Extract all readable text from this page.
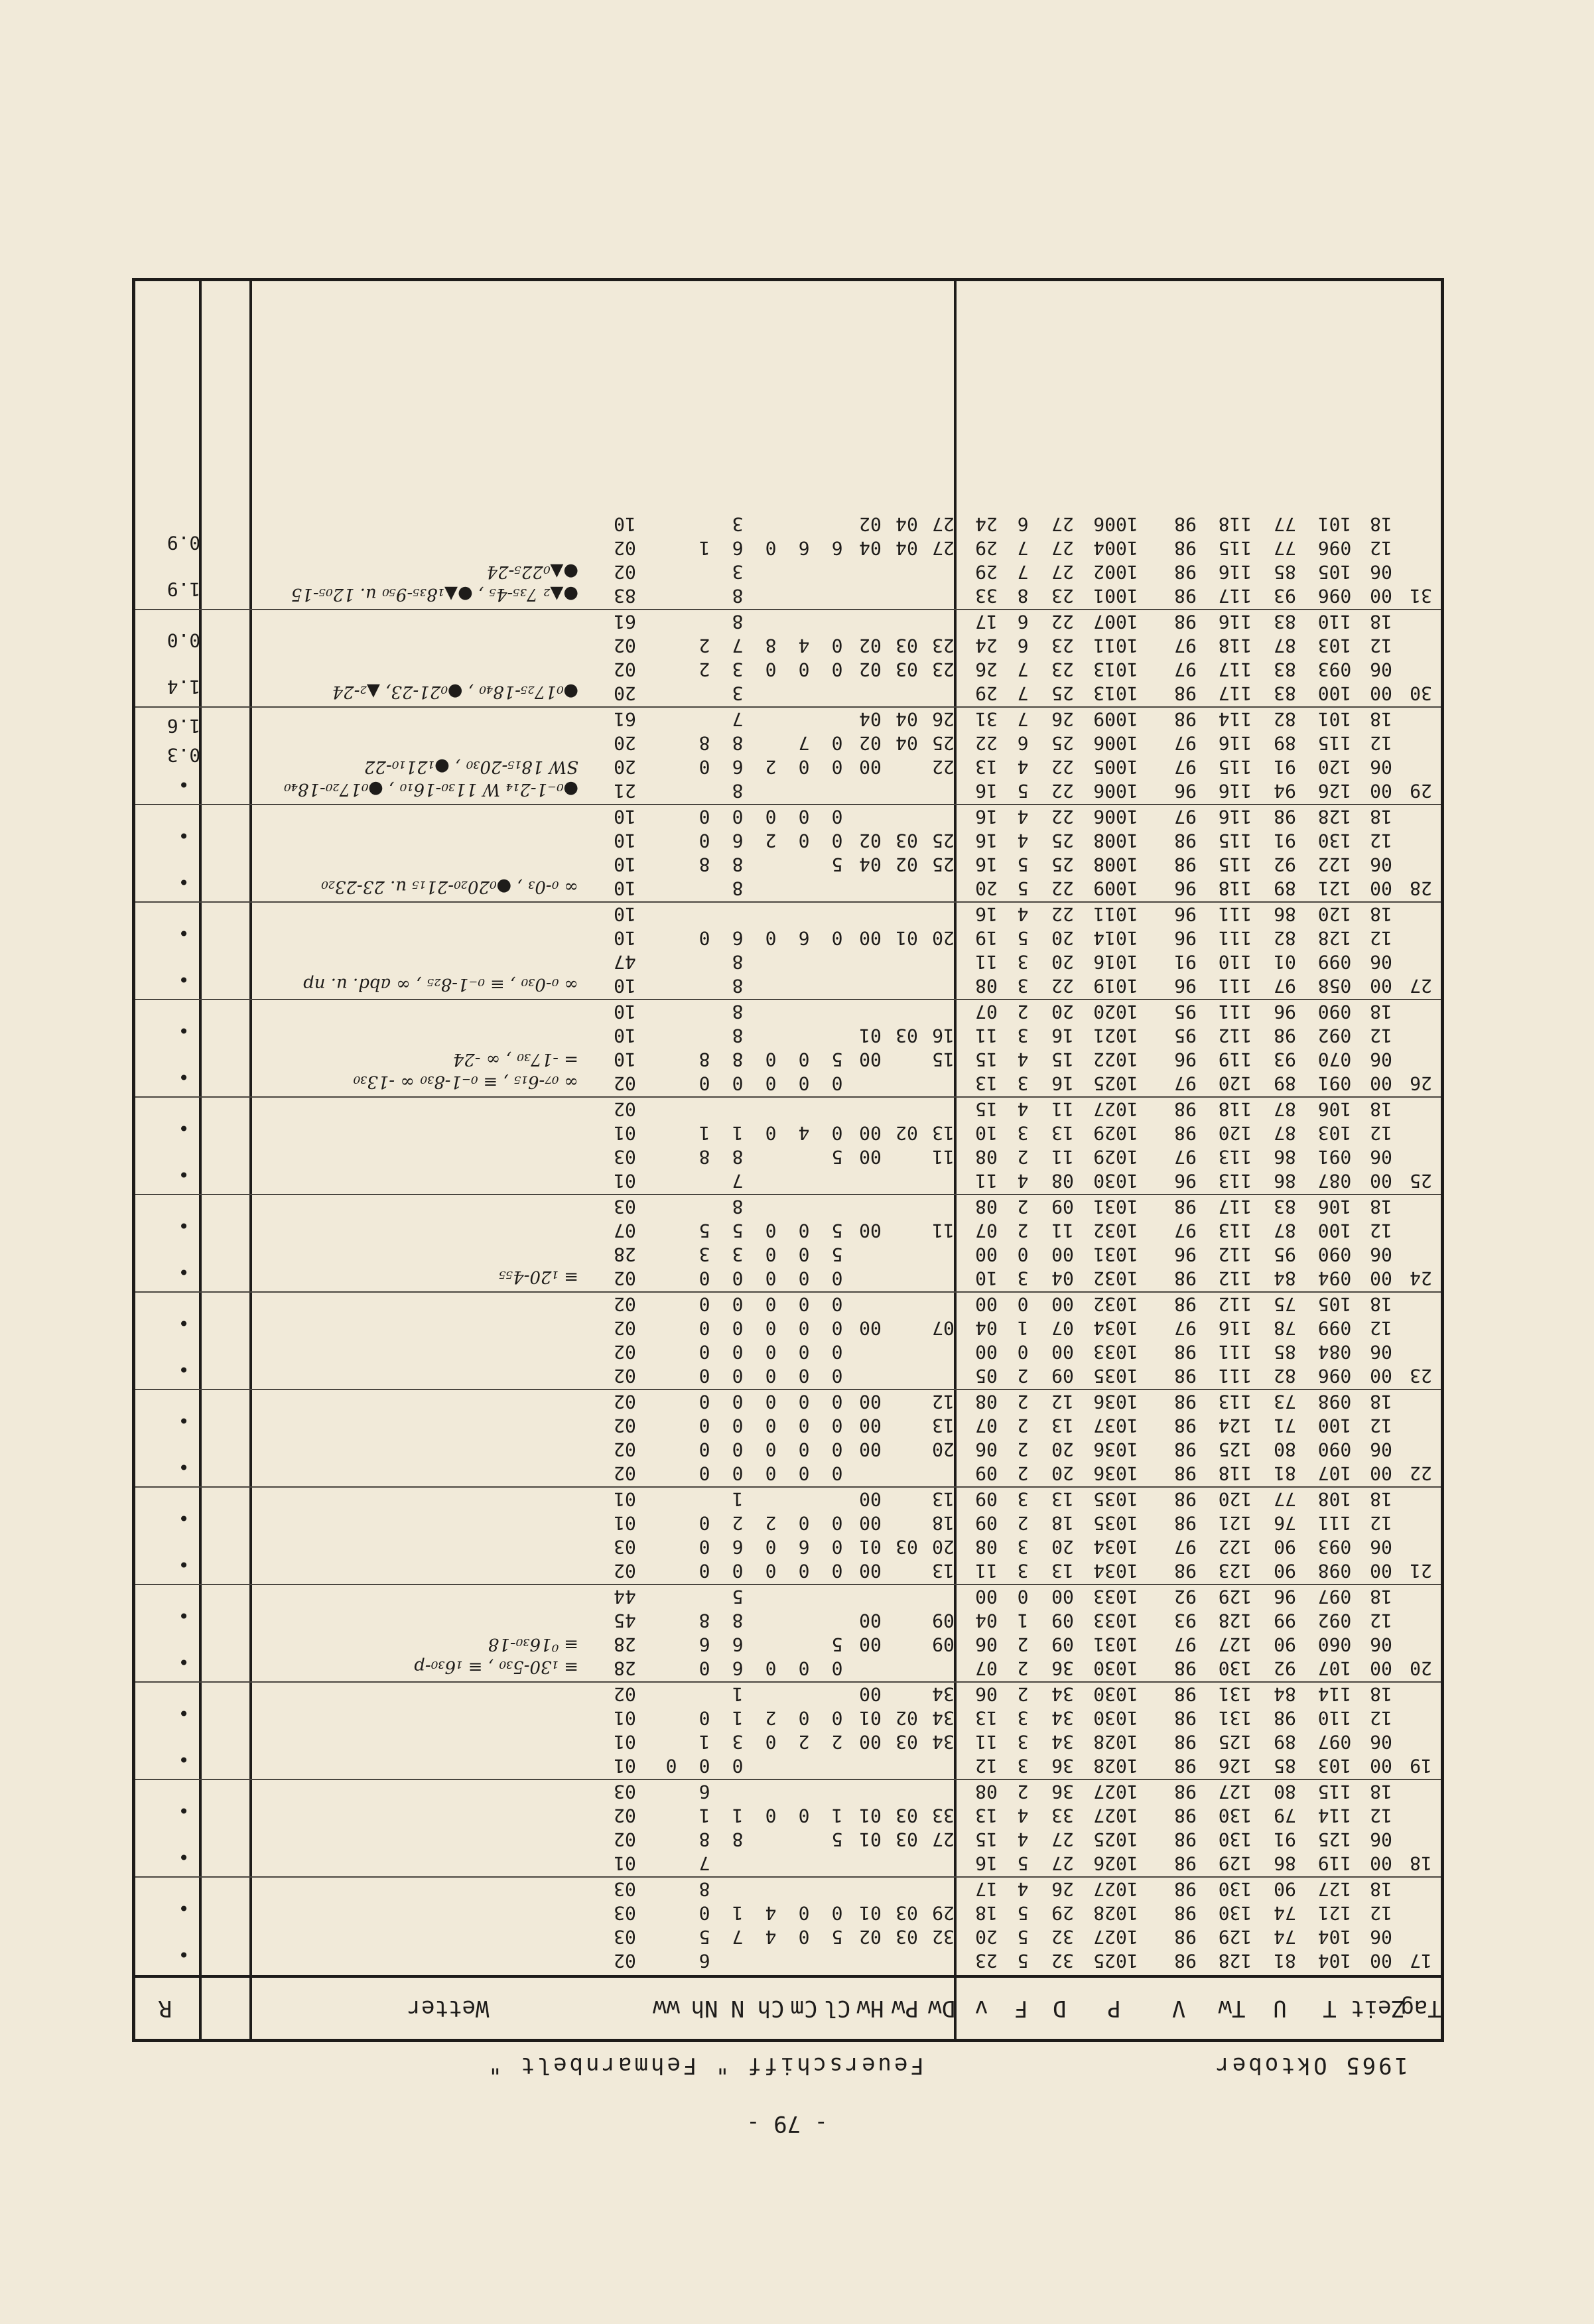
- 79 -
1965 Oktober
Feuerschiff " Fehmarnbelt "
Tag
Zeit
T
U
Tw
V
P
D
F
v
Dw
Pw
Hw
Cl
Cm
Ch
N
Nh
ww
Wetter
R
17
00
104
81
128
98
1025
32
5
23
6
02
06
104
74
129
98
1027
32
5
20
32
03
02
5
0
4
7
5
03
12
121
74
130
98
1028
29
5
18
29
03
01
0
0
4
1
0
03
18
127
90
130
98
1027
26
4
17
8
03
•
•
18
00
119
86
129
98
1026
27
5
16
7
01
06
125
91
130
98
1025
27
4
15
27
03
01
5
8
8
02
12
114
79
130
98
1027
33
4
13
33
03
01
1
0
0
1
1
02
18
115
80
127
98
1027
36
2
08
6
03
•
•
19
00
103
85
126
98
1028
36
3
12
0
0
0
01
06
097
89
125
98
1028
34
3
11
34
03
00
2
2
0
3
1
01
12
110
98
131
98
1030
34
3
13
34
02
01
0
0
2
1
0
01
18
114
84
131
98
1030
34
2
06
34
00
1
02
•
•
20
00
107
92
130
98
1030
36
2
07
0
0
0
6
0
28
06
060
90
127
97
1031
09
2
06
09
00
5
6
6
28
12
092
99
128
93
1033
09
1
04
09
00
8
8
45
18
097
96
129
92
1033
00
0
00
5
44
≡ ₁30-5₃₀ , ≡ ₁6₃₀-p
≡ ⁰16₃₀-18
•
•
21
00
098
90
123
98
1034
13
3
11
13
00
0
0
0
0
0
02
06
093
90
122
97
1034
20
3
08
20
03
01
0
6
0
6
0
03
12
111
76
121
98
1035
18
2
09
18
00
0
0
2
2
0
01
18
108
77
120
98
1035
13
3
09
13
00
1
01
•
•
22
00
107
81
118
98
1036
20
2
09
0
0
0
0
0
02
06
090
80
125
98
1036
20
2
06
20
00
0
0
0
0
0
02
12
100
71
124
98
1037
13
2
07
13
00
0
0
0
0
0
02
18
098
73
113
98
1036
12
2
08
12
00
0
0
0
0
0
02
•
•
23
00
096
82
111
98
1035
09
2
05
0
0
0
0
0
02
06
084
85
111
98
1033
00
0
00
0
0
0
0
0
02
12
099
78
116
97
1034
07
1
04
07
00
0
0
0
0
0
02
18
105
75
112
98
1032
00
0
00
0
0
0
0
0
02
•
•
24
00
094
84
112
98
1032
04
3
10
0
0
0
0
0
02
06
090
95
112
96
1031
00
0
00
5
0
0
3
3
28
12
100
87
113
97
1032
11
2
07
11
00
5
0
0
5
5
07
18
106
83
117
98
1031
09
2
08
8
03
≡ ₁20-4₅₅
•
•
25
00
087
86
113
96
1030
08
4
11
7
01
06
091
86
113
97
1029
11
2
08
11
00
5
8
8
03
12
103
87
120
98
1029
13
3
10
13
02
00
0
4
0
1
1
01
18
106
87
118
98
1027
11
4
15
02
•
•
26
00
091
89
120
97
1025
16
3
13
0
0
0
0
0
02
06
070
93
119
96
1022
15
4
15
15
00
5
0
0
8
8
10
12
092
98
112
95
1021
16
3
11
16
03
01
8
10
18
090
96
111
95
1020
20
2
07
8
10
∞ ₀₇-6₁₅ , ≡ ₀₋1-8₃₀ ∞ -13₃₀
= -17₃₀ , ∞ -24
•
•
27
00
058
97
111
96
1019
22
3
08
8
10
06
099
01
110
91
1016
20
3
11
8
47
12
128
82
111
96
1014
20
5
19
20
01
00
0
6
0
6
0
10
18
120
86
111
96
1011
22
4
16
10
∞ ₀-0₃₀ , ≡ ₀₋1-8₂₅ , ∞ abd. u. np
•
•
28
00
121
89
118
96
1009
22
5
20
8
10
06
122
92
115
98
1008
25
5
16
25
02
04
5
8
8
10
12
130
91
115
98
1008
25
4
16
25
03
02
0
0
2
6
0
10
18
128
98
116
97
1006
22
4
16
0
0
0
0
0
10
∞ ₀-0₃ , ●₀20₂₀-21₁₅ u. 23-23₂₀
•
•
29
00
126
94
116
96
1006
22
5
16
8
21
06
120
91
115
97
1005
22
4
13
22
00
0
0
2
6
0
20
12
115
89
116
97
1006
25
6
22
25
04
02
0
7
8
8
20
18
101
82
114
98
1009
26
7
31
26
04
04
7
61
●₀₋1-2₁₄ W 11₃₀-16₁₀ , ●₀17₂₀-18₄₀
SW 18₁₅-20₃₀ , ●₁21₁₀-22
•
0.3
1.6
30
00
100
83
117
98
1013
25
7
29
3
20
06
093
83
117
97
1013
23
7
26
23
03
02
0
0
0
3
2
02
12
103
87
118
97
1011
23
6
24
23
03
02
0
4
8
7
2
02
18
110
83
116
98
1007
22
6
17
8
61
●₀17₂₅-18₄₀ , ●₀21-23, ▲₂-24
1.4
0.0
31
00
096
93
117
98
1001
23
8
33
8
83
06
105
85
116
98
1002
27
7
29
3
02
12
096
77
115
98
1004
27
7
29
27
04
04
6
6
0
6
1
02
18
101
77
118
98
1006
27
6
24
27
04
02
3
10
●▲₂ 7₃₅-4₅ , ●▲₁8₃₅-9₅₀ u. 12₀₅-15
●▲₀22₅-24
1.9
0.9
